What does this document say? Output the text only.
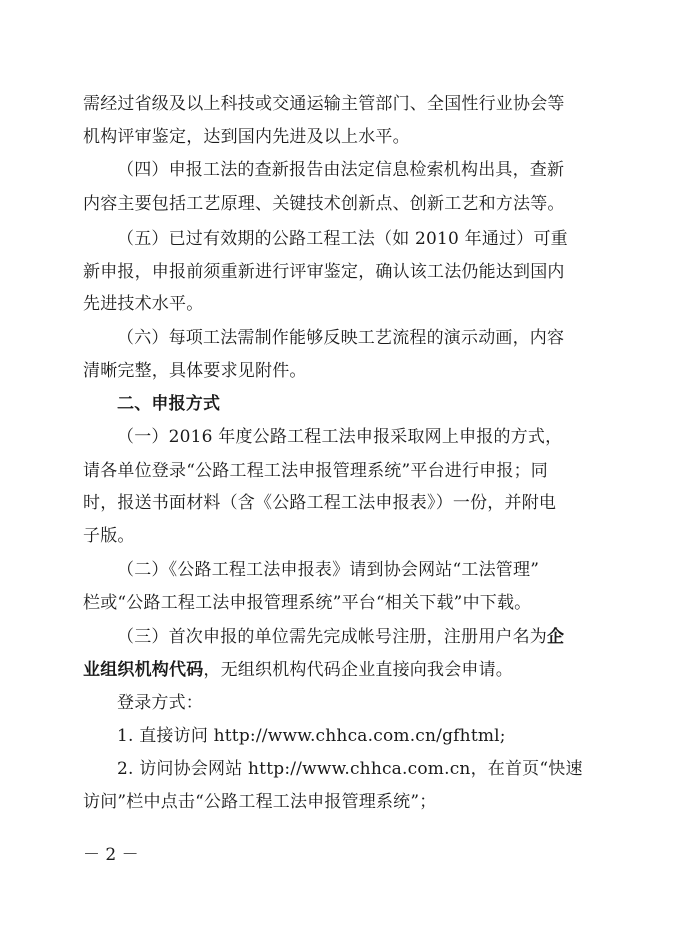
需经过省级及以上科技或交通运输主管部门、全国性行业协会等
机构评审鉴定，达到国内先进及以上水平。
（四）申报工法的查新报告由法定信息检索机构出具，查新
内容主要包括工艺原理、关键技术创新点、创新工艺和方法等。
（五）已过有效期的公路工程工法（如 2010 年通过）可重
新申报，申报前须重新进行评审鉴定，确认该工法仍能达到国内
先进技术水平。
（六）每项工法需制作能够反映工艺流程的演示动画，内容
清晰完整，具体要求见附件。
二、申报方式
（一）2016 年度公路工程工法申报采取网上申报的方式，
请各单位登录“公路工程工法申报管理系统”平台进行申报；同
时，报送书面材料（含《公路工程工法申报表》）一份，并附电
子版。
（二）《公路工程工法申报表》请到协会网站“工法管理”
栏或“公路工程工法申报管理系统”平台“相关下载”中下载。
（三）首次申报的单位需先完成帐号注册，注册用户名为企
业组织机构代码，无组织机构代码企业直接向我会申请。
登录方式：
1. 直接访问 http://www.chhca.com.cn/gfhtml;
2. 访问协会网站 http://www.chhca.com.cn，在首页“快速
访问”栏中点击“公路工程工法申报管理系统”；
－ 2 －
